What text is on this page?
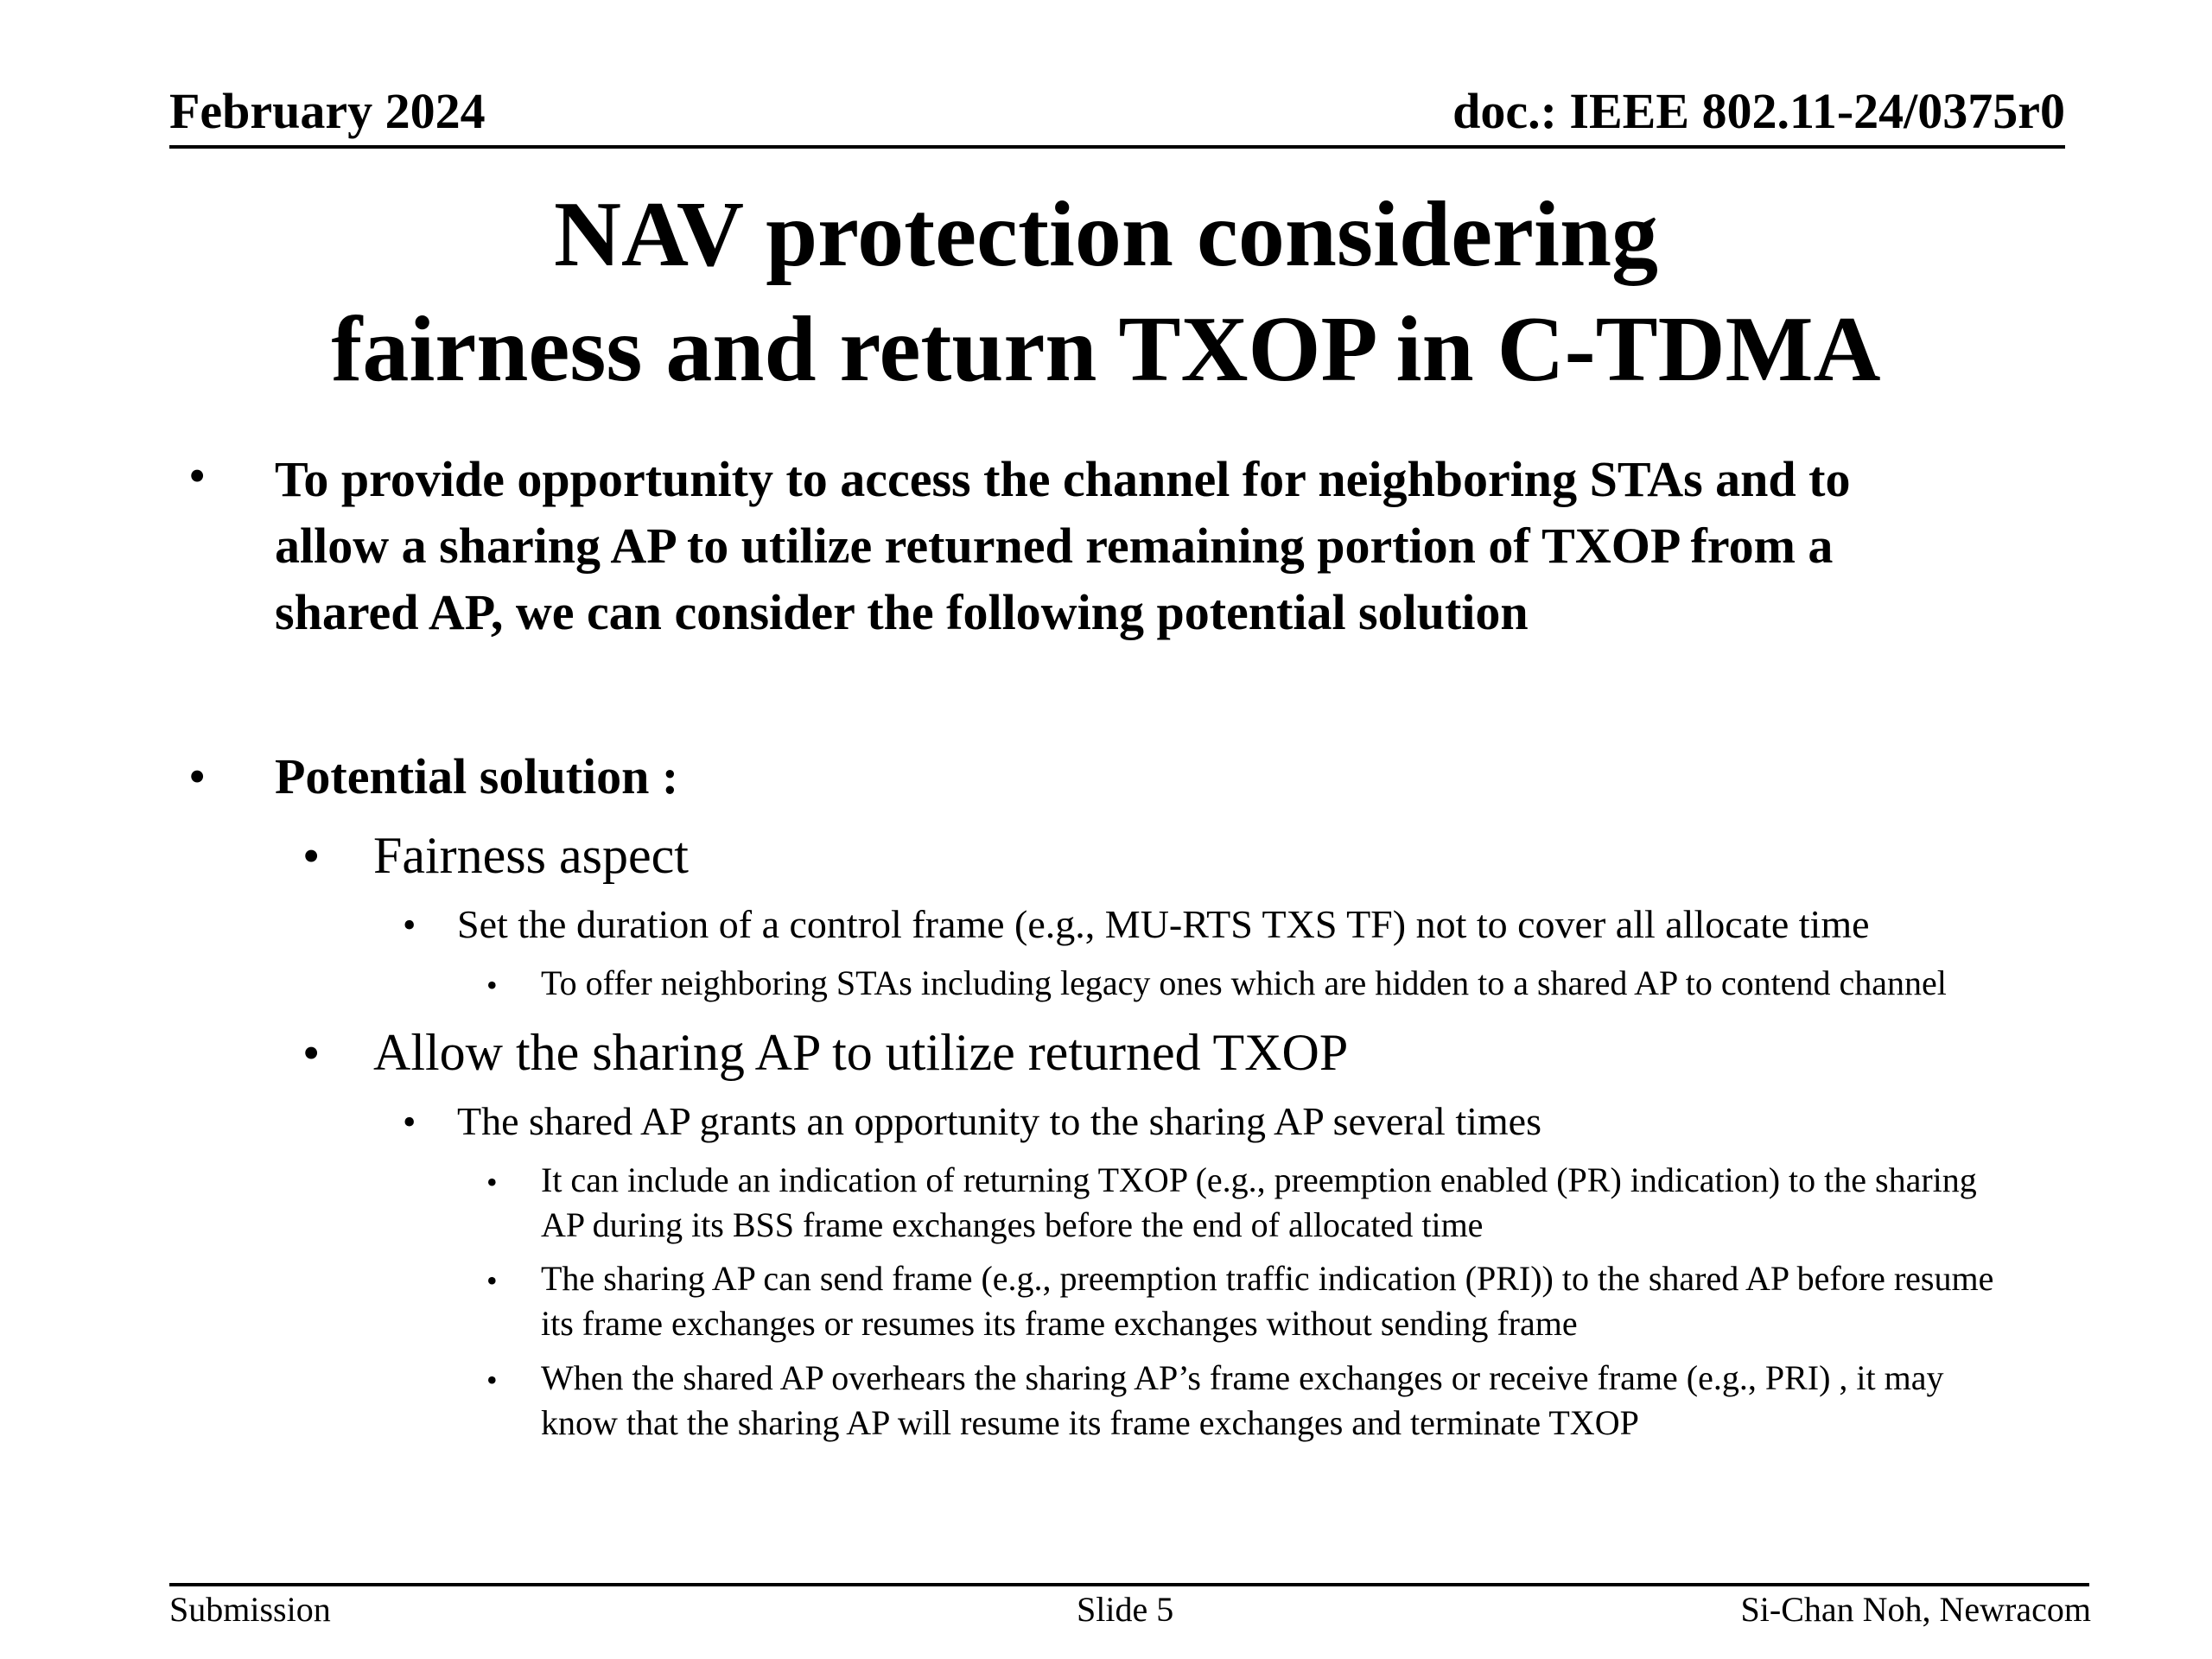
February 2024	doc.: IEEE 802.11-24/0375r0
NAV protection considering
fairness and return TXOP in C-TDMA
• To provide opportunity to access the channel for neighboring STAs and to
allow a sharing AP to utilize returned remaining portion of TXOP from a
shared AP, we can consider the following potential solution
• Potential solution :
• Fairness aspect
• Set the duration of a control frame (e.g., MU-RTS TXS TF) not to cover all allocate time
• To offer neighboring STAs including legacy ones which are hidden to a shared AP to contend channel
• Allow the sharing AP to utilize returned TXOP
• The shared AP grants an opportunity to the sharing AP several times
• It can include an indication of returning TXOP (e.g., preemption enabled (PR) indication) to the sharing
AP during its BSS frame exchanges before the end of allocated time
• The sharing AP can send frame (e.g., preemption traffic indication (PRI)) to the shared AP before resume
its frame exchanges or resumes its frame exchanges without sending frame
• When the shared AP overhears the sharing AP’s frame exchanges or receive frame (e.g., PRI) , it may
know that the sharing AP will resume its frame exchanges and terminate TXOP
Submission	Slide 5	Si-Chan Noh, Newracom
